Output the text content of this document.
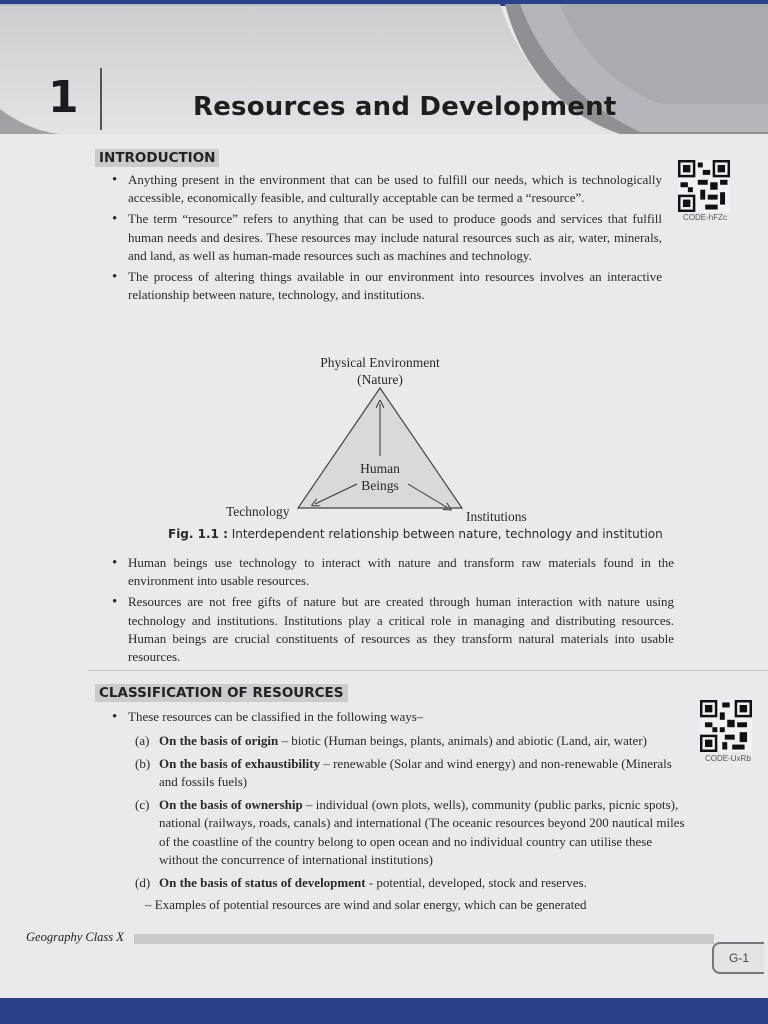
1	Resources and Development
INTRODUCTION
• Anything present in the environment that can be used to fulfill our needs, which is technologically accessible, economically feasible, and culturally acceptable can be termed a “resource”.
• The term “resource” refers to anything that can be used to produce goods and services that fulfill human needs and desires. These resources may include natural resources such as air, water, minerals, and land, as well as human-made resources such as machines and technology.
• The process of altering things available in our environment into resources involves an interactive relationship between nature, technology, and institutions.
CODE-hFZc
Physical Environment
(Nature)
Human
Beings
Technology	Institutions
Fig. 1.1 : Interdependent relationship between nature, technology and institution
• Human beings use technology to interact with nature and transform raw materials found in the environment into usable resources.
• Resources are not free gifts of nature but are created through human interaction with nature using technology and institutions. Institutions play a critical role in managing and distributing resources. Human beings are crucial constituents of resources as they transform natural materials into usable resources.
CLASSIFICATION OF RESOURCES
• These resources can be classified in the following ways–
CODE-UxRb
(a) On the basis of origin – biotic (Human beings, plants, animals) and abiotic (Land, air, water)
(b) On the basis of exhaustibility – renewable (Solar and wind energy) and non-renewable (Minerals and fossils fuels)
(c) On the basis of ownership – individual (own plots, wells), community (public parks, picnic spots), national (railways, roads, canals) and international (The oceanic resources beyond 200 nautical miles of the coastline of the country belong to open ocean and no individual country can utilise these without the concurrence of international institutions)
(d) On the basis of status of development - potential, developed, stock and reserves.
– Examples of potential resources are wind and solar energy, which can be generated
Geography Class X
G-1
